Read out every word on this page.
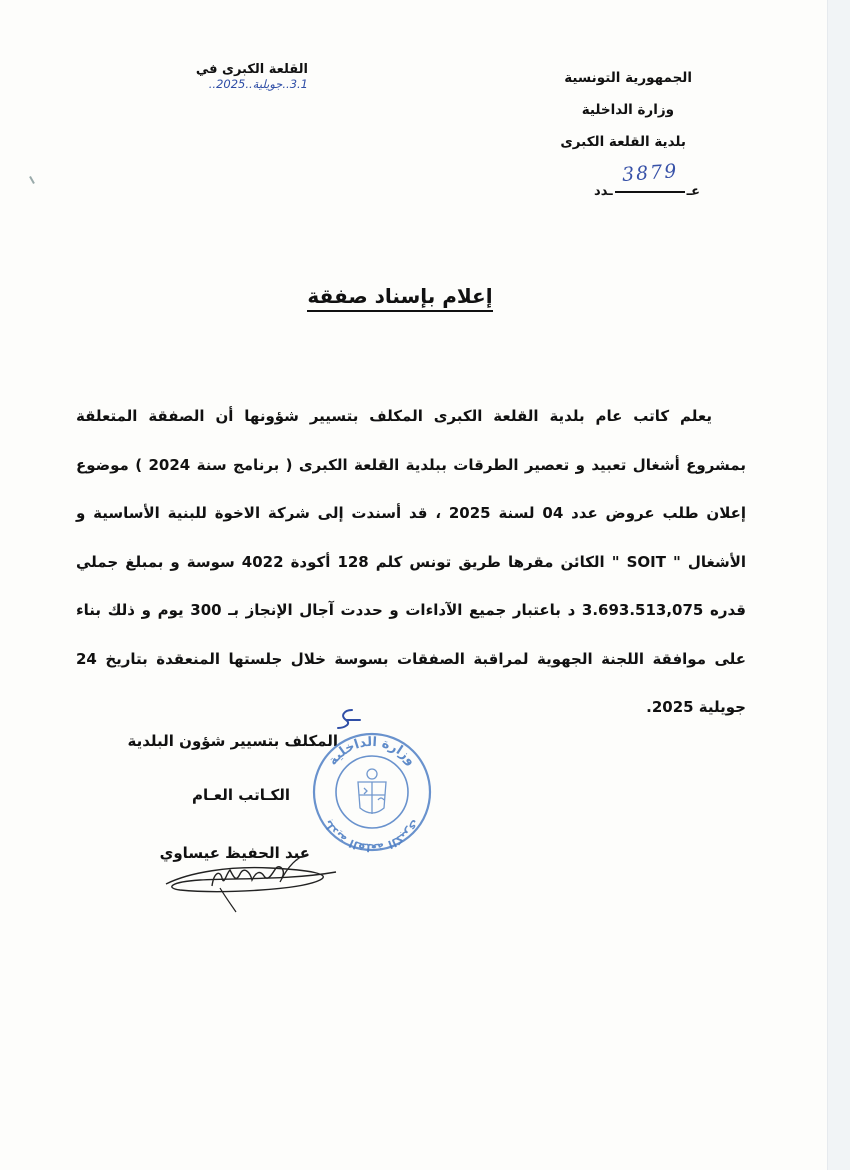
الجمهورية التونسية
وزارة الداخلية
بلدية القلعة الكبرى
عــدد
3879
القلعة الكبرى في 3.1..جويلية..2025..
إعلام بإسناد صفقة
يعلم كاتب عام بلدية القلعة الكبرى المكلف بتسيير شؤونها أن الصفقة المتعلقة بمشروع أشغال تعبيد و تعصير الطرقات ببلدية القلعة الكبرى ( برنامج سنة 2024 ) موضوع إعلان طلب عروض عدد 04 لسنة 2025 ، قد أسندت إلى شركة الاخوة للبنية الأساسية و الأشغال " SOIT " الكائن مقرها طريق تونس كلم 128 أكودة 4022 سوسة و بمبلغ جملي قدره 3.693.513,075 د باعتبار جميع الآداءات و حددت آجال الإنجاز بـ 300 يوم و ذلك بناء على موافقة اللجنة الجهوية لمراقبة الصفقات بسوسة خلال جلستها المنعقدة بتاريخ 24 جويلية 2025.
المكلف بتسيير شؤون البلدية
الكـاتب العـام
عبد الحفيظ عيساوي
وزارة الداخلية
بلدية القلعة الكبرى
